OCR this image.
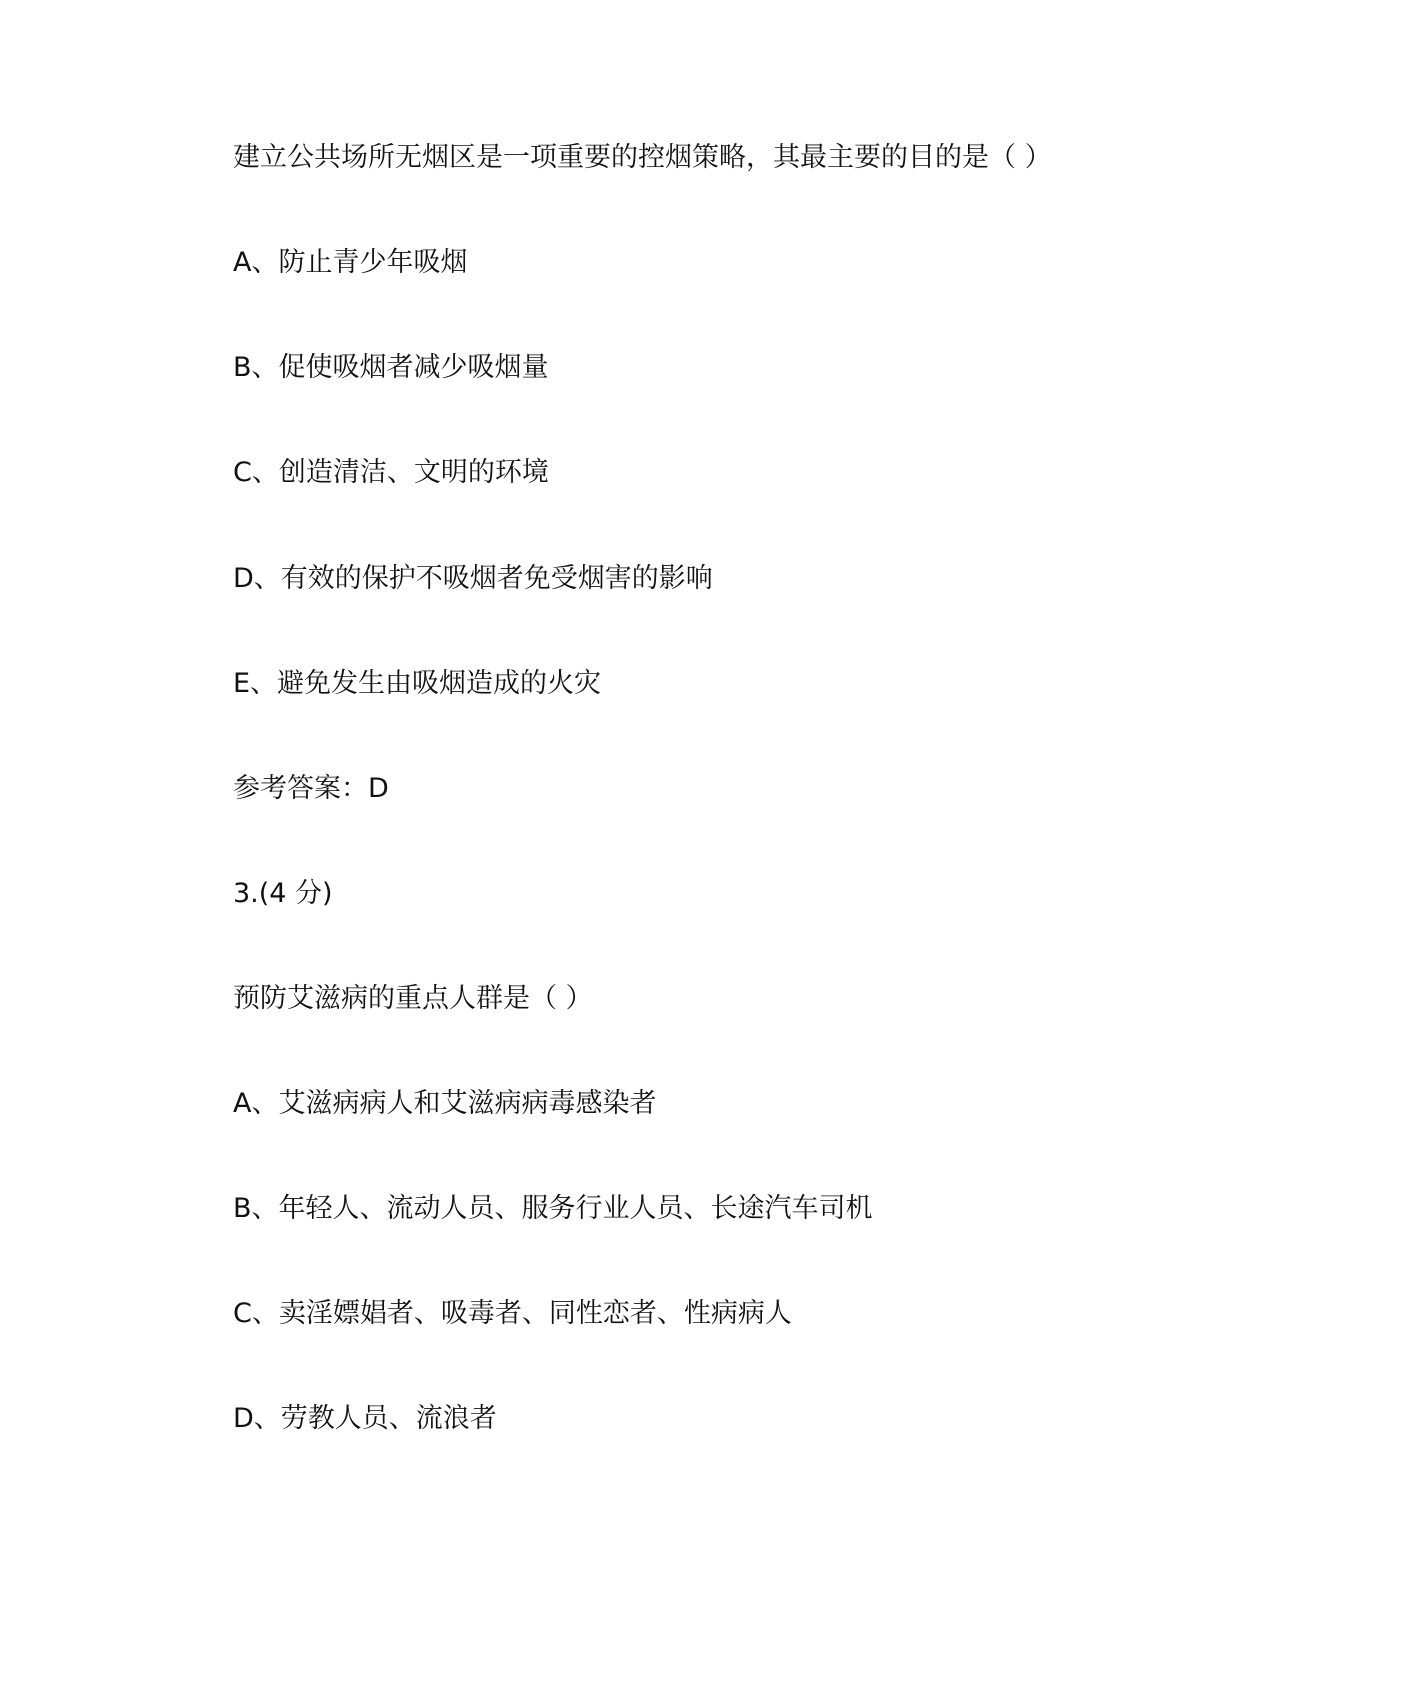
建立公共场所无烟区是一项重要的控烟策略，其最主要的目的是（ ）
A、防止青少年吸烟
B、促使吸烟者减少吸烟量
C、创造清洁、文明的环境
D、有效的保护不吸烟者免受烟害的影响
E、避免发生由吸烟造成的火灾
参考答案：D
3.(4 分)
预防艾滋病的重点人群是（ ）
A、艾滋病病人和艾滋病病毒感染者
B、年轻人、流动人员、服务行业人员、长途汽车司机
C、卖淫嫖娼者、吸毒者、同性恋者、性病病人
D、劳教人员、流浪者
